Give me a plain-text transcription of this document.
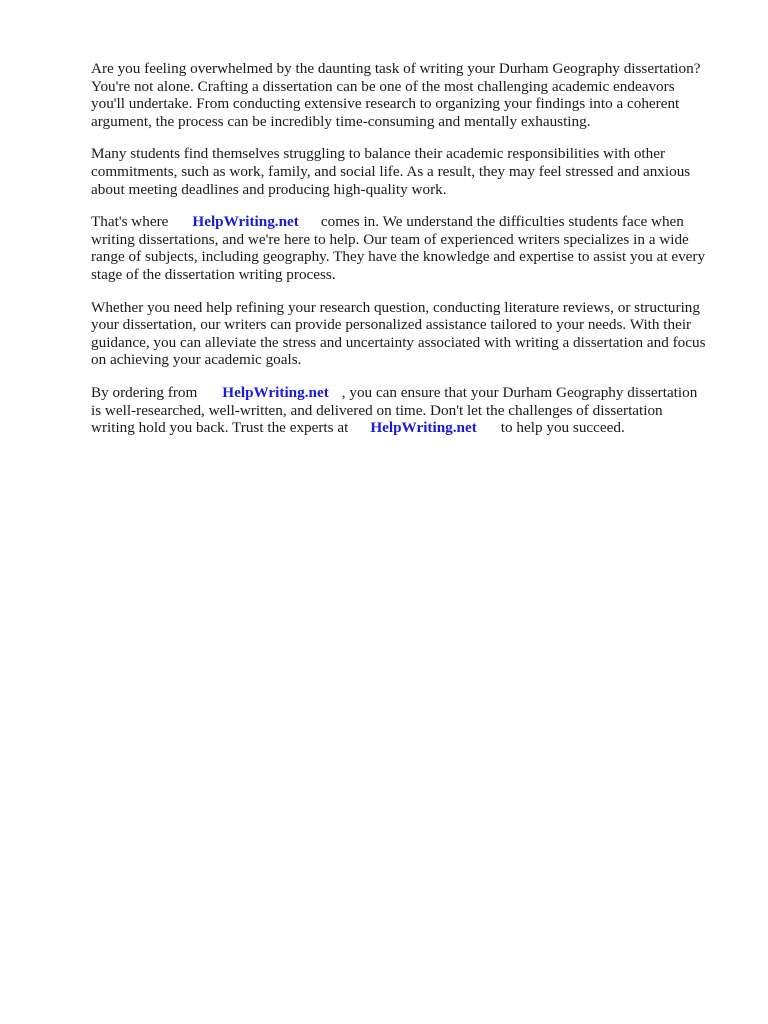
Are you feeling overwhelmed by the daunting task of writing your Durham Geography dissertation?
You're not alone. Crafting a dissertation can be one of the most challenging academic endeavors
you'll undertake. From conducting extensive research to organizing your findings into a coherent
argument, the process can be incredibly time-consuming and mentally exhausting.

Many students find themselves struggling to balance their academic responsibilities with other
commitments, such as work, family, and social life. As a result, they may feel stressed and anxious
about meeting deadlines and producing high-quality work.

That's where HelpWriting.net comes in. We understand the difficulties students face when
writing dissertations, and we're here to help. Our team of experienced writers specializes in a wide
range of subjects, including geography. They have the knowledge and expertise to assist you at every
stage of the dissertation writing process.

Whether you need help refining your research question, conducting literature reviews, or structuring
your dissertation, our writers can provide personalized assistance tailored to your needs. With their
guidance, you can alleviate the stress and uncertainty associated with writing a dissertation and focus
on achieving your academic goals.

By ordering from HelpWriting.net , you can ensure that your Durham Geography dissertation
is well-researched, well-written, and delivered on time. Don't let the challenges of dissertation
writing hold you back. Trust the experts at HelpWriting.net to help you succeed.
